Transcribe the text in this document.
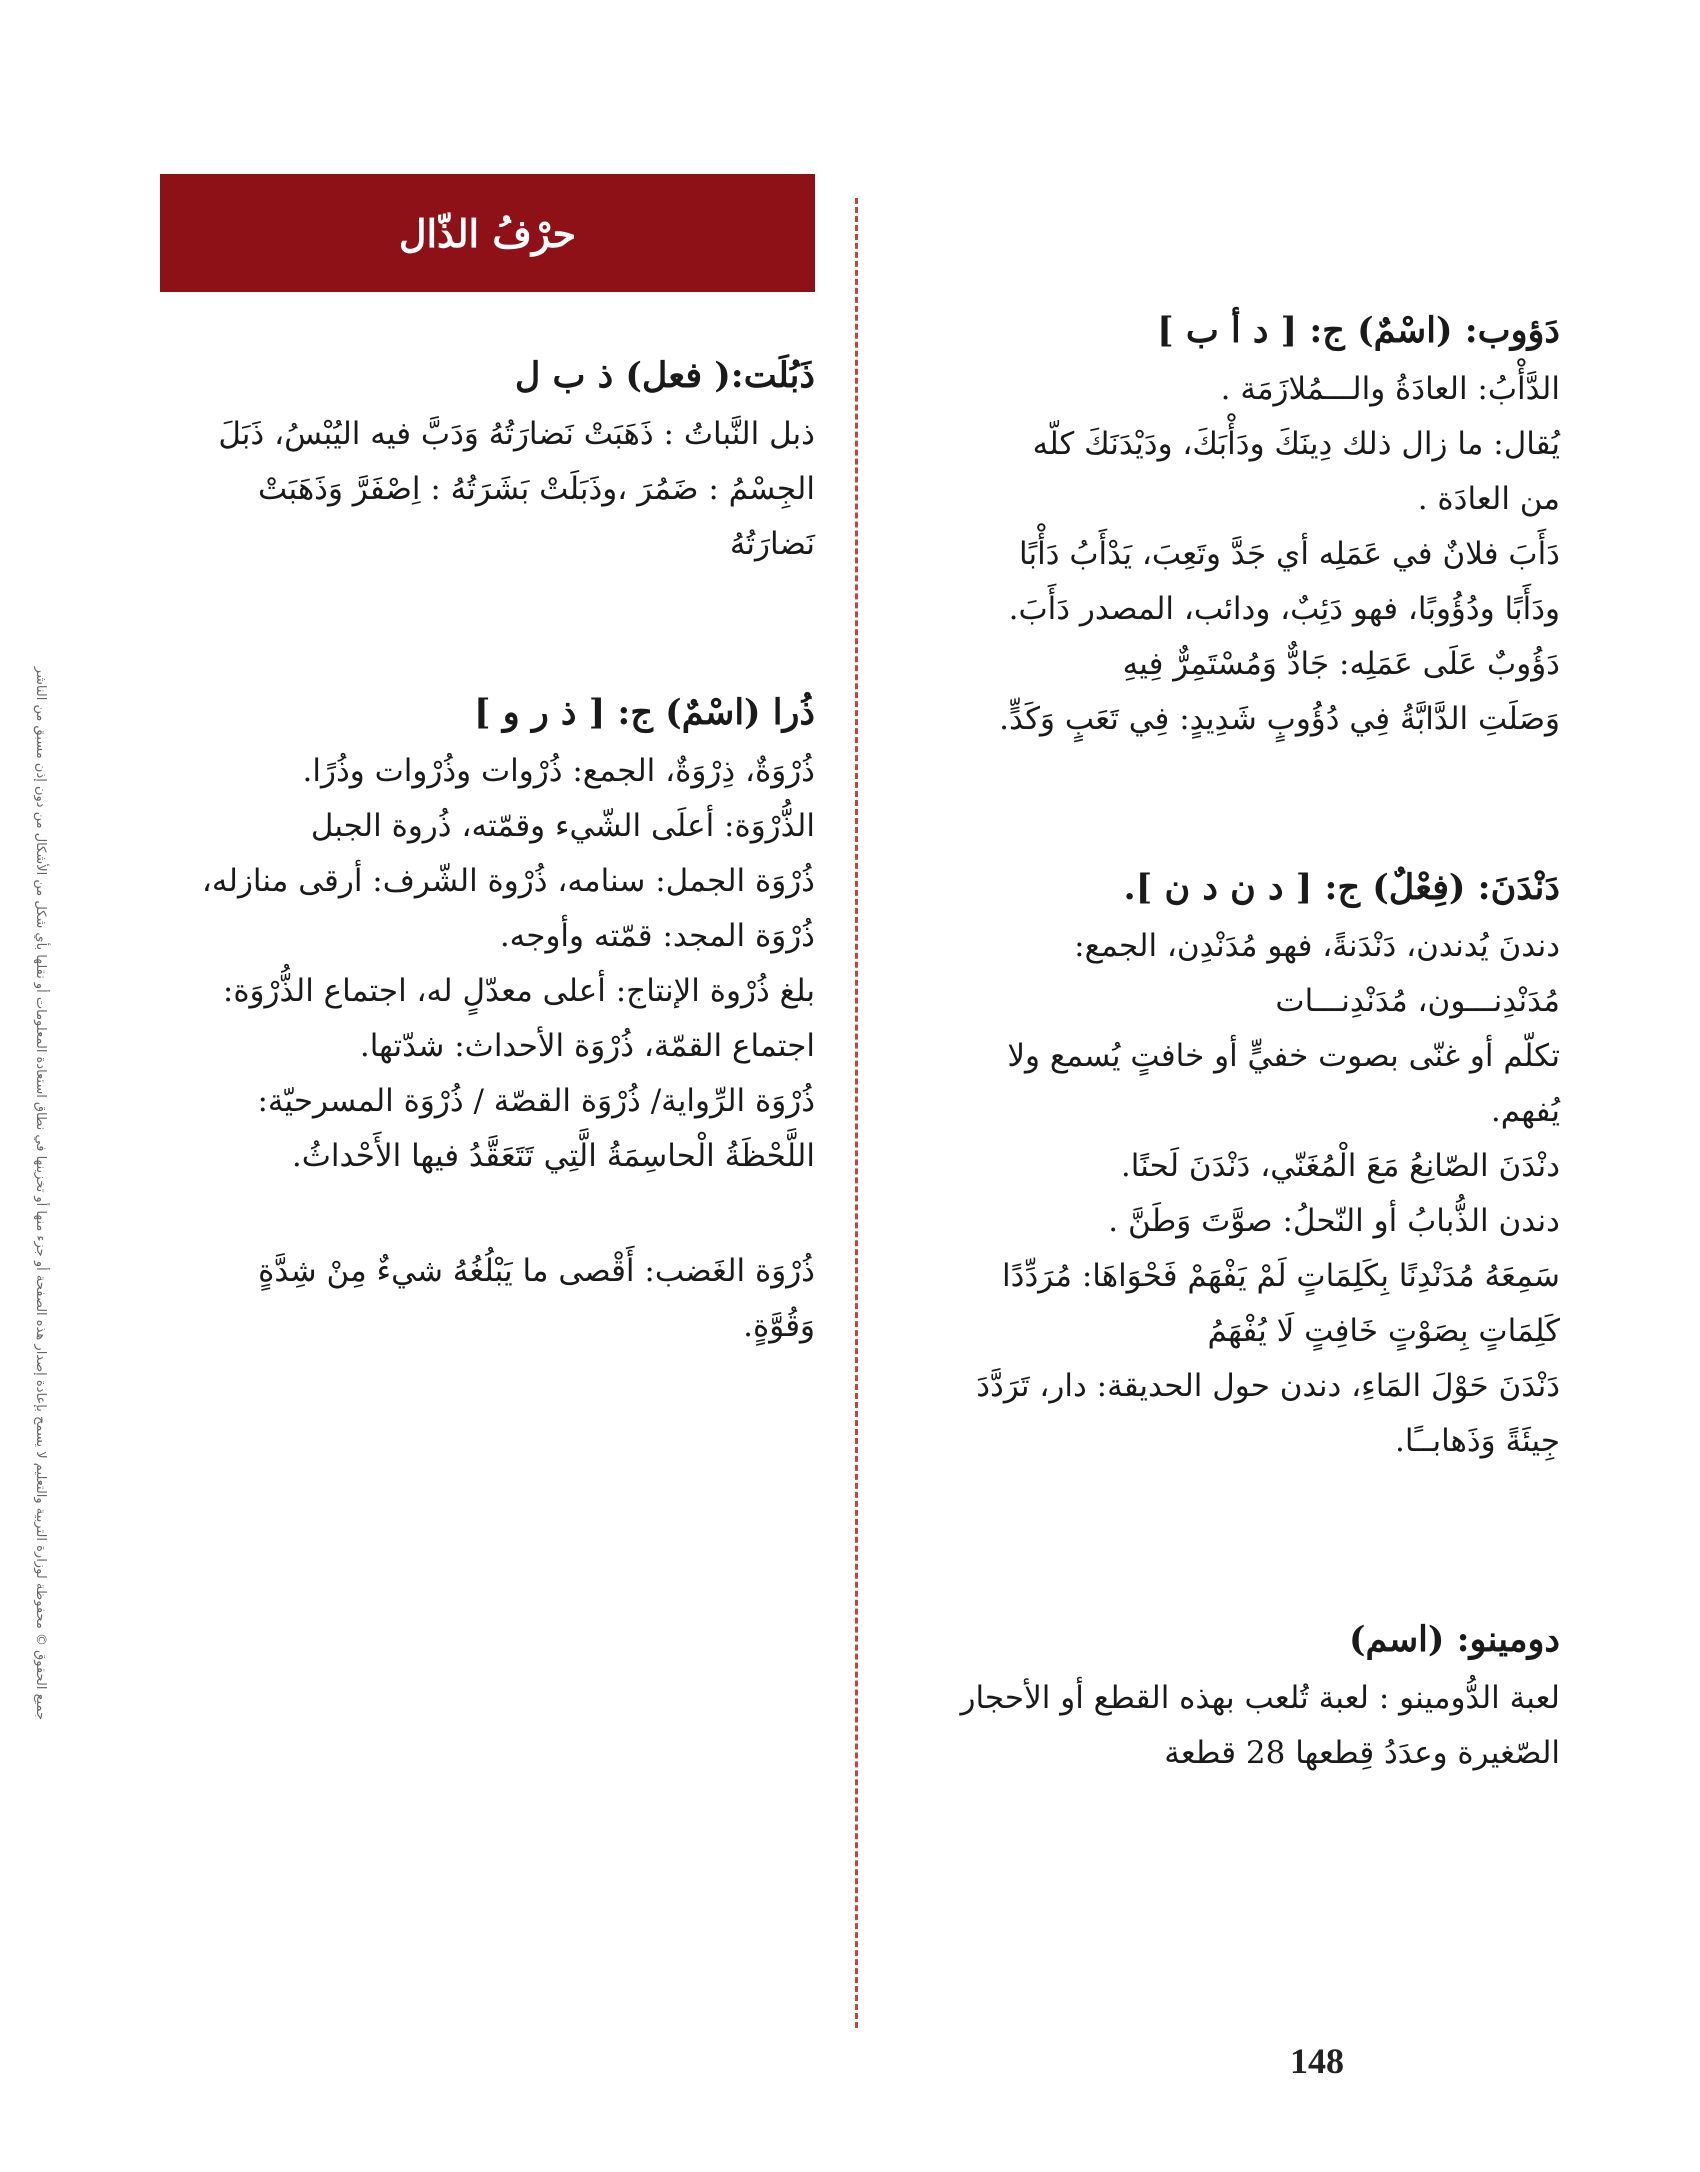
حرْفُ الذّال
جميع الحقوق © محفوظة لوزارة التربية والتعليم لا يسمح بإعادة إصدار هذه الصفحة أو جزء منها أو تخزينها في نطاق استعادة المعلومات أو نقلها بأي شكل من الأشكال من دون إذن مسبق من الناشر
ذَبُلَت:( فعل) ذ ب ل
ذبل النَّباتُ : ذَهَبَتْ نَضارَتُهُ وَدَبَّ فيه اليُبْسُ، ذَبَلَ
الجِسْمُ : ضَمُرَ ،وذَبَلَتْ بَشَرَتُهُ : اِصْفَرَّ وَذَهَبَتْ
نَضارَتُهُ
ذُرا (اسْمٌ) ج: [ ذ ر و ]
ذُرْوَةٌ، ذِرْوَةٌ، الجمع: ذُرْوات وذُرْوات وذُرًا.
الذُّرْوَة: أعلَى الشّيء وقمّته، ذُروة الجبل
ذُرْوَة الجمل: سنامه، ذُرْوة الشّرف: أرقى منازله،
ذُرْوَة المجد: قمّته وأوجه.
بلغ ذُرْوة الإنتاج: أعلى معدّلٍ له، اجتماع الذُّرْوَة:
اجتماع القمّة، ذُرْوَة الأحداث: شدّتها.
ذُرْوَة الرِّواية/ ذُرْوَة القصّة / ذُرْوَة المسرحيّة:
اللَّحْظَةُ الْحاسِمَةُ الَّتِي تَتَعَقَّدُ فيها الأَحْداثُ.
ذُرْوَة الغَضب: أَقْصى ما يَبْلُغُهُ شيءٌ مِنْ شِدَّةٍ
وَقُوَّةٍ.
دَؤوب: (اسْمٌ) ج: [ د أ ب ]
الدَّأْبُ: العادَةُ والـــمُلازَمَة .
يُقال: ما زال ذلك دِينَكَ ودَأْبَكَ، ودَيْدَنَكَ كلّه
من العادَة .
دَأَبَ فلانٌ في عَمَلِه أي جَدَّ وتَعِبَ، يَدْأَبُ دَأْبًا
ودَأَبًا ودُؤُوبًا، فهو دَئِبٌ، ودائب، المصدر دَأَبَ.
دَؤُوبٌ عَلَى عَمَلِه: جَادٌّ وَمُسْتَمِرٌّ فِيهِ
وَصَلَتِ الدَّابَّةُ فِي دُؤُوبٍ شَدِيدٍ: فِي تَعَبٍ وَكَدٍّ.
دَنْدَنَ: (فِعْلٌ) ج: [ د ن د ن ].
دندنَ يُدندن، دَنْدَنةً، فهو مُدَنْدِن، الجمع:
مُدَنْدِنـــون، مُدَنْدِنـــات
تكلّم أو غنّى بصوت خفيٍّ أو خافتٍ يُسمع ولا
يُفهم.
دنْدَنَ الصّانِعُ مَعَ الْمُغَنّي، دَنْدَنَ لَحنًا.
دندن الذُّبابُ أو النّحلُ: صوَّتَ وَطَنَّ .
سَمِعَهُ مُدَنْدِنًا بِكَلِمَاتٍ لَمْ يَفْهَمْ فَحْوَاهَا: مُرَدِّدًا
كَلِمَاتٍ بِصَوْتٍ خَافِتٍ لَا يُفْهَمُ
دَنْدَنَ حَوْلَ المَاءِ، دندن حول الحديقة: دار، تَرَدَّدَ
جِيئَةً وَذَهابــًا.
دومينو: (اسم)
لعبة الدُّومينو : لعبة تُلعب بهذه القطع أو الأحجار
الصّغيرة وعدَدُ قِطعها 28 قطعة
148
